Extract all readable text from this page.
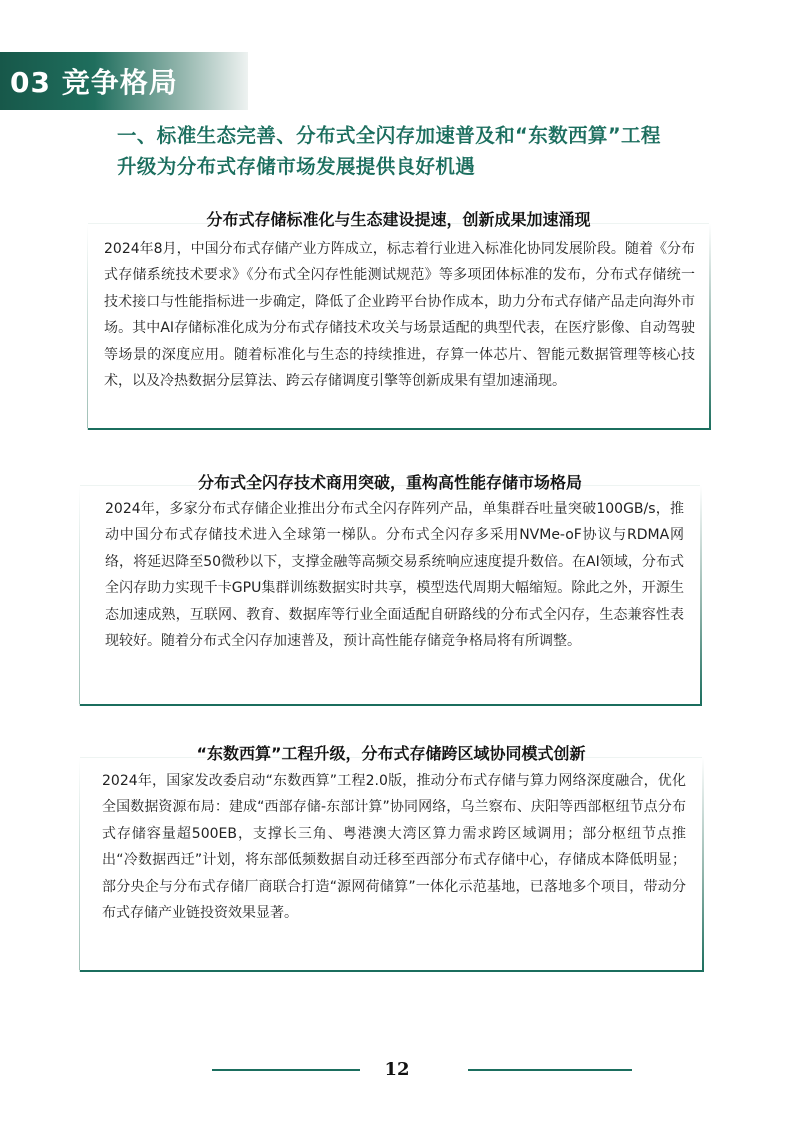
03 竞争格局
一、标准生态完善、分布式全闪存加速普及和“东数西算”工程
升级为分布式存储市场发展提供良好机遇
分布式存储标准化与生态建设提速，创新成果加速涌现

2024年8月，中国分布式存储产业方阵成立，标志着行业进入标准化协同发展阶段。随着《分布式存储系统技术要求》《分布式全闪存性能测试规范》等多项团体标准的发布，分布式存储统一技术接口与性能指标进一步确定，降低了企业跨平台协作成本，助力分布式存储产品走向海外市场。其中AI存储标准化成为分布式存储技术攻关与场景适配的典型代表，在医疗影像、自动驾驶等场景的深度应用。随着标准化与生态的持续推进，存算一体芯片、智能元数据管理等核心技术，以及冷热数据分层算法、跨云存储调度引擎等创新成果有望加速涌现。

分布式全闪存技术商用突破，重构高性能存储市场格局

2024年，多家分布式存储企业推出分布式全闪存阵列产品，单集群吞吐量突破100GB/s，推动中国分布式存储技术进入全球第一梯队。分布式全闪存多采用NVMe-oF协议与RDMA网络，将延迟降至50微秒以下，支撑金融等高频交易系统响应速度提升数倍。在AI领域，分布式全闪存助力实现千卡GPU集群训练数据实时共享，模型迭代周期大幅缩短。除此之外，开源生态加速成熟，互联网、教育、数据库等行业全面适配自研路线的分布式全闪存，生态兼容性表现较好。随着分布式全闪存加速普及，预计高性能存储竞争格局将有所调整。

“东数西算”工程升级，分布式存储跨区域协同模式创新

2024年，国家发改委启动“东数西算”工程2.0版，推动分布式存储与算力网络深度融合，优化全国数据资源布局：建成“西部存储-东部计算”协同网络，乌兰察布、庆阳等西部枢纽节点分布式存储容量超500EB，支撑长三角、粤港澳大湾区算力需求跨区域调用；部分枢纽节点推出“冷数据西迁”计划，将东部低频数据自动迁移至西部分布式存储中心，存储成本降低明显；部分央企与分布式存储厂商联合打造“源网荷储算”一体化示范基地，已落地多个项目，带动分布式存储产业链投资效果显著。

12
